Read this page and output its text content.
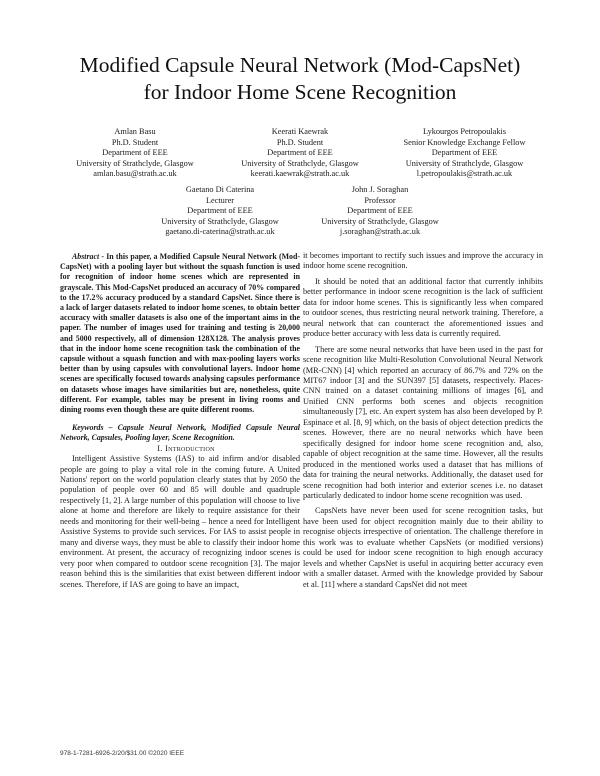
Modified Capsule Neural Network (Mod-CapsNet)
for Indoor Home Scene Recognition
Amlan Basu
Ph.D. Student
Department of EEE
University of Strathclyde, Glasgow
amlan.basu@strath.ac.uk
Keerati Kaewrak
Ph.D. Student
Department of EEE
University of Strathclyde, Glasgow
keerati.kaewrak@strath.ac.uk
Lykourgos Petropoulakis
Senior Knowledge Exchange Fellow
Department of EEE
University of Strathclyde, Glasgow
l.petropoulakis@strath.ac.uk
Gaetano Di Caterina
Lecturer
Department of EEE
University of Strathclyde, Glasgow
gaetano.di-caterina@strath.ac.uk
John J. Soraghan
Professor
Department of EEE
University of Strathclyde, Glasgow
j.soraghan@strath.ac.uk

Abstract - In this paper, a Modified Capsule Neural Network (Mod-CapsNet) with a pooling layer but without the squash function is used for recognition of indoor home scenes which are represented in grayscale. This Mod-CapsNet produced an accuracy of 70% compared to the 17.2% accuracy produced by a standard CapsNet. Since there is a lack of larger datasets related to indoor home scenes, to obtain better accuracy with smaller datasets is also one of the important aims in the paper. The number of images used for training and testing is 20,000 and 5000 respectively, all of dimension 128X128. The analysis proves that in the indoor home scene recognition task the combination of the capsule without a squash function and with max-pooling layers works better than by using capsules with convolutional layers. Indoor home scenes are specifically focused towards analysing capsules performance on datasets whose images have similarities but are, nonetheless, quite different. For example, tables may be present in living rooms and dining rooms even though these are quite different rooms.

Keywords – Capsule Neural Network, Modified Capsule Neural Network, Capsules, Pooling layer, Scene Recognition.

I. Introduction

Intelligent Assistive Systems (IAS) to aid infirm and/or disabled people are going to play a vital role in the coming future. A United Nations' report on the world population clearly states that by 2050 the population of people over 60 and 85 will double and quadruple respectively [1, 2]. A large number of this population will choose to live alone at home and therefore are likely to require assistance for their needs and monitoring for their well-being – hence a need for Intelligent Assistive Systems to provide such services. For IAS to assist people in many and diverse ways, they must be able to classify their indoor home environment. At present, the accuracy of recognizing indoor scenes is very poor when compared to outdoor scene recognition [3]. The major reason behind this is the similarities that exist between different indoor scenes. Therefore, if IAS are going to have an impact,

it becomes important to rectify such issues and improve the accuracy in indoor home scene recognition.

It should be noted that an additional factor that currently inhibits better performance in indoor scene recognition is the lack of sufficient data for indoor home scenes. This is significantly less when compared to outdoor scenes, thus restricting neural network training. Therefore, a neural network that can counteract the aforementioned issues and produce better accuracy with less data is currently required.

There are some neural networks that have been used in the past for scene recognition like Multi-Resolution Convolutional Neural Network (MR-CNN) [4] which reported an accuracy of 86.7% and 72% on the MIT67 indoor [3] and the SUN397 [5] datasets, respectively. Places-CNN trained on a dataset containing millions of images [6], and Unified CNN performs both scenes and objects recognition simultaneously [7], etc. An expert system has also been developed by P. Espinace et al. [8, 9] which, on the basis of object detection predicts the scenes. However, there are no neural networks which have been specifically designed for indoor home scene recognition and, also, capable of object recognition at the same time. However, all the results produced in the mentioned works used a dataset that has millions of data for training the neural networks. Additionally, the dataset used for scene recognition had both interior and exterior scenes i.e. no dataset particularly dedicated to indoor home scene recognition was used.

CapsNets have never been used for scene recognition tasks, but have been used for object recognition mainly due to their ability to recognise objects irrespective of orientation. The challenge therefore in this work was to evaluate whether CapsNets (or modified versions) could be used for indoor scene recognition to high enough accuracy levels and whether CapsNet is useful in acquiring better accuracy even with a smaller dataset. Armed with the knowledge provided by Sabour et al. [11] where a standard CapsNet did not meet

978-1-7281-6926-2/20/$31.00 ©2020 IEEE
